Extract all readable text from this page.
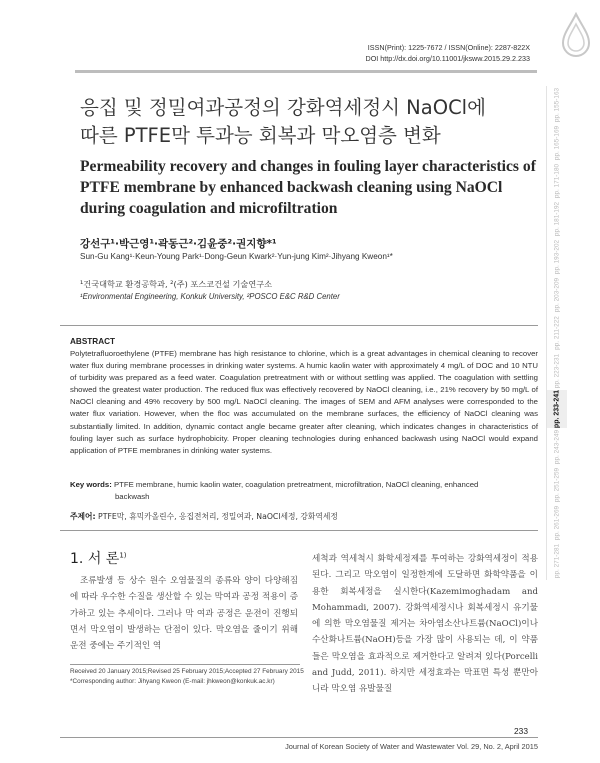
ISSN(Print): 1225-7672 / ISSN(Online): 2287-822X
DOI http://dx.doi.org/10.11001/jksww.2015.29.2.233
pp. 155-163
pp. 165-169
pp. 171-180
pp. 181-192
pp. 193-202
pp. 203-209
pp. 211-222
pp. 223-231
pp. 233-241
pp. 243-249
pp. 251-259
pp. 261-269
pp. 271-281
응집 및 정밀여과공정의 강화역세정시 NaOCl에
따른 PTFE막 투과능 회복과 막오염층 변화
Permeability recovery and changes in fouling layer characteristics of
PTFE membrane by enhanced backwash cleaning using NaOCl
during coagulation and microfiltration
강선구¹·박근영¹·곽동근²·김윤중²·권지향*¹
Sun-Gu Kang¹·Keun-Young Park¹·Dong-Geun Kwark²·Yun-jung Kim²·Jihyang Kweon¹*
¹건국대학교 환경공학과, ²(주) 포스코건설 기술연구소
¹Environmental Engineering, Konkuk University, ²POSCO E&C R&D Center
ABSTRACT
Polytetrafluoroethylene (PTFE) membrane has high resistance to chlorine, which is a great advantages in chemical cleaning to recover water flux during membrane processes in drinking water systems. A humic kaolin water with approximately 4 mg/L of DOC and 10 NTU of turbidity was prepared as a feed water. Coagulation pretreatment with or without settling was applied. The coagulation with settling showed the greatest water production. The reduced flux was effectively recovered by NaOCl cleaning, i.e., 21% recovery by 50 mg/L of NaOCl cleaning and 49% recovery by 500 mg/L NaOCl cleaning. The images of SEM and AFM analyses were corresponded to the water flux variation. However, when the floc was accumulated on the membrane surfaces, the efficiency of NaOCl cleaning was substantially limited. In addition, dynamic contact angle became greater after cleaning, which indicates changes in characteristics of fouling layer such as surface hydrophobicity. Proper cleaning technologies during enhanced backwash using NaOCl would expand application of PTFE membranes in drinking water systems.
Key words: PTFE membrane, humic kaolin water, coagulation pretreatment, microfiltration, NaOCl cleaning, enhanced
backwash
주제어: PTFE막, 휴믹카올린수, 응집전처리, 정밀여과, NaOCl세정, 강화역세정
1. 서 론$^{1)}$
조류발생 등 상수 원수 오염물질의 종류와 양이 다양해짐에 따라 우수한 수질을 생산할 수 있는 막여과 공정 적용이 증가하고 있는 추세이다. 그러나 막 여과 공정은 운전이 진행되면서 막오염이 발생하는 단점이 있다. 막오염을 줄이기 위해 운전 중에는 주기적인 역
세척과 역세척시 화학세정제를 투여하는 강화역세정이 적용된다. 그리고 막오염이 일정한계에 도달하면 화학약품을 이용한 회복세정을 실시한다(Kazemimoghadam and Mohammadi, 2007). 강화역세정시나 회복세정시 유기물에 의한 막오염물질 제거는 차아염소산나트륨(NaOCl)이나 수산화나트륨(NaOH)등을 가장 많이 사용되는 데, 이 약품들은 막오염을 효과적으로 제거한다고 알려져 있다(Porcelli and Judd, 2011). 하지만 세정효과는 막표면 특성 뿐만아니라 막오염 유발물질
Received 20 January 2015;Revised 25 February 2015;Accepted 27 February 2015
*Corresponding author: Jihyang Kweon (E-mail: jhkweon@konkuk.ac.kr)
233
Journal of Korean Society of Water and Wastewater Vol. 29, No. 2, April 2015
